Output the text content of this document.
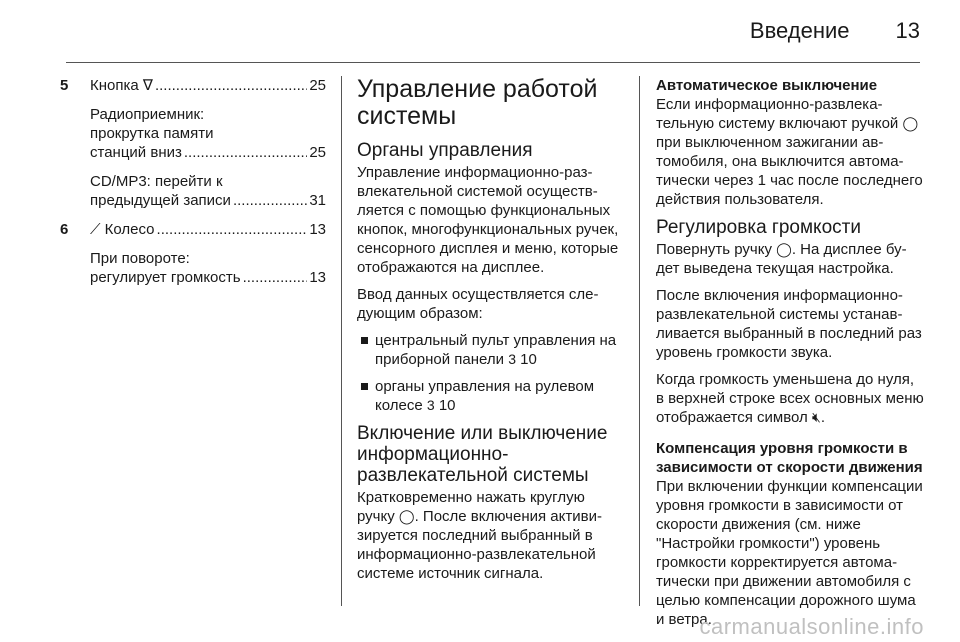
Введение 13
5 Кнопка ∇ .....	25
Радиоприемник:
прокрутка памяти
станций вниз .....	25
CD/MP3: перейти к
предыдущей записи .....	31
6 ⟋ Колесо .....	13
При повороте:
регулирует громкость .....	13
Управление работой системы
Органы управления

Управление информационно-развлекательной системой осуществляется с помощью функциональных кнопок, многофункциональных ручек, сенсорного дисплея и меню, которые отображаются на дисплее.

Ввод данных осуществляется следующим образом:

центральный пульт управления на приборной панели 3 10
органы управления на рулевом колесе 3 10
Включение или выключение информационно-развлекательной системы

Кратковременно нажать круглую ручку ◯. После включения активизируется последний выбранный в информационно-развлекательной системе источник сигнала.

Автоматическое выключение

Если информационно-развлекательную систему включают ручкой ◯ при выключенном зажигании автомобиля, она выключится автоматически через 1 час после последнего действия пользователя.

Регулировка громкости

Повернуть ручку ◯. На дисплее будет выведена текущая настройка.

После включения информационно-развлекательной системы устанавливается выбранный в последний раз уровень громкости звука.

Когда громкость уменьшена до нуля, в верхней строке всех основных меню отображается символ 🔇︎.

Компенсация уровня громкости в зависимости от скорости движения

При включении функции компенсации уровня громкости в зависимости от скорости движения (см. ниже "Настройки громкости") уровень громкости корректируется автоматически при движении автомобиля с целью компенсации дорожного шума и ветра.

carmanualsonline.info
